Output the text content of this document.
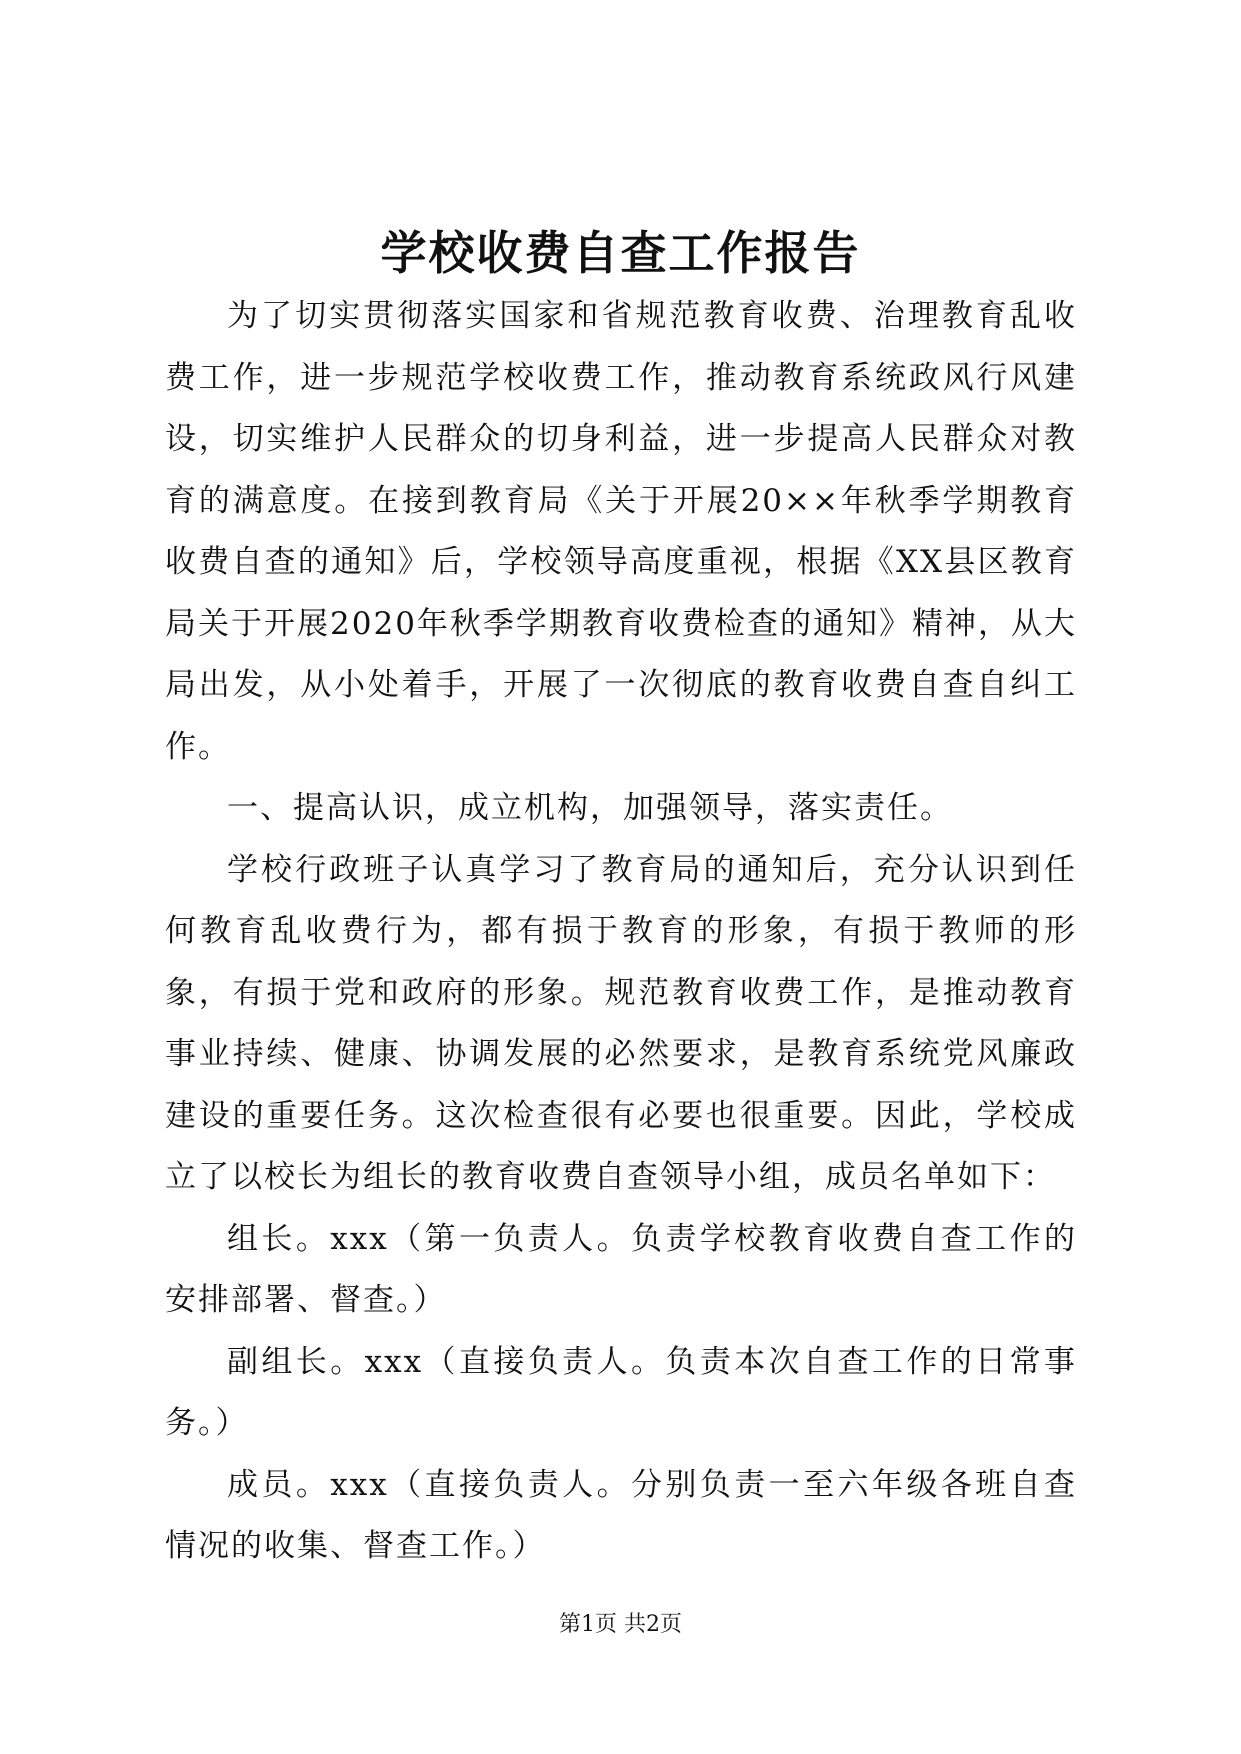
学校收费自查工作报告

为了切实贯彻落实国家和省规范教育收费、治理教育乱收费工作，进一步规范学校收费工作，推动教育系统政风行风建设，切实维护人民群众的切身利益，进一步提高人民群众对教育的满意度。在接到教育局《关于开展20××年秋季学期教育收费自查的通知》后，学校领导高度重视，根据《XX县区教育局关于开展2020年秋季学期教育收费检查的通知》精神，从大局出发，从小处着手，开展了一次彻底的教育收费自查自纠工作。

一、提高认识，成立机构，加强领导，落实责任。

学校行政班子认真学习了教育局的通知后，充分认识到任何教育乱收费行为，都有损于教育的形象，有损于教师的形象，有损于党和政府的形象。规范教育收费工作，是推动教育事业持续、健康、协调发展的必然要求，是教育系统党风廉政建设的重要任务。这次检查很有必要也很重要。因此，学校成立了以校长为组长的教育收费自查领导小组，成员名单如下：

组长。xxx（第一负责人。负责学校教育收费自查工作的安排部署、督查。）

副组长。xxx（直接负责人。负责本次自查工作的日常事务。）

成员。xxx（直接负责人。分别负责一至六年级各班自查情况的收集、督查工作。）

第1页 共2页
